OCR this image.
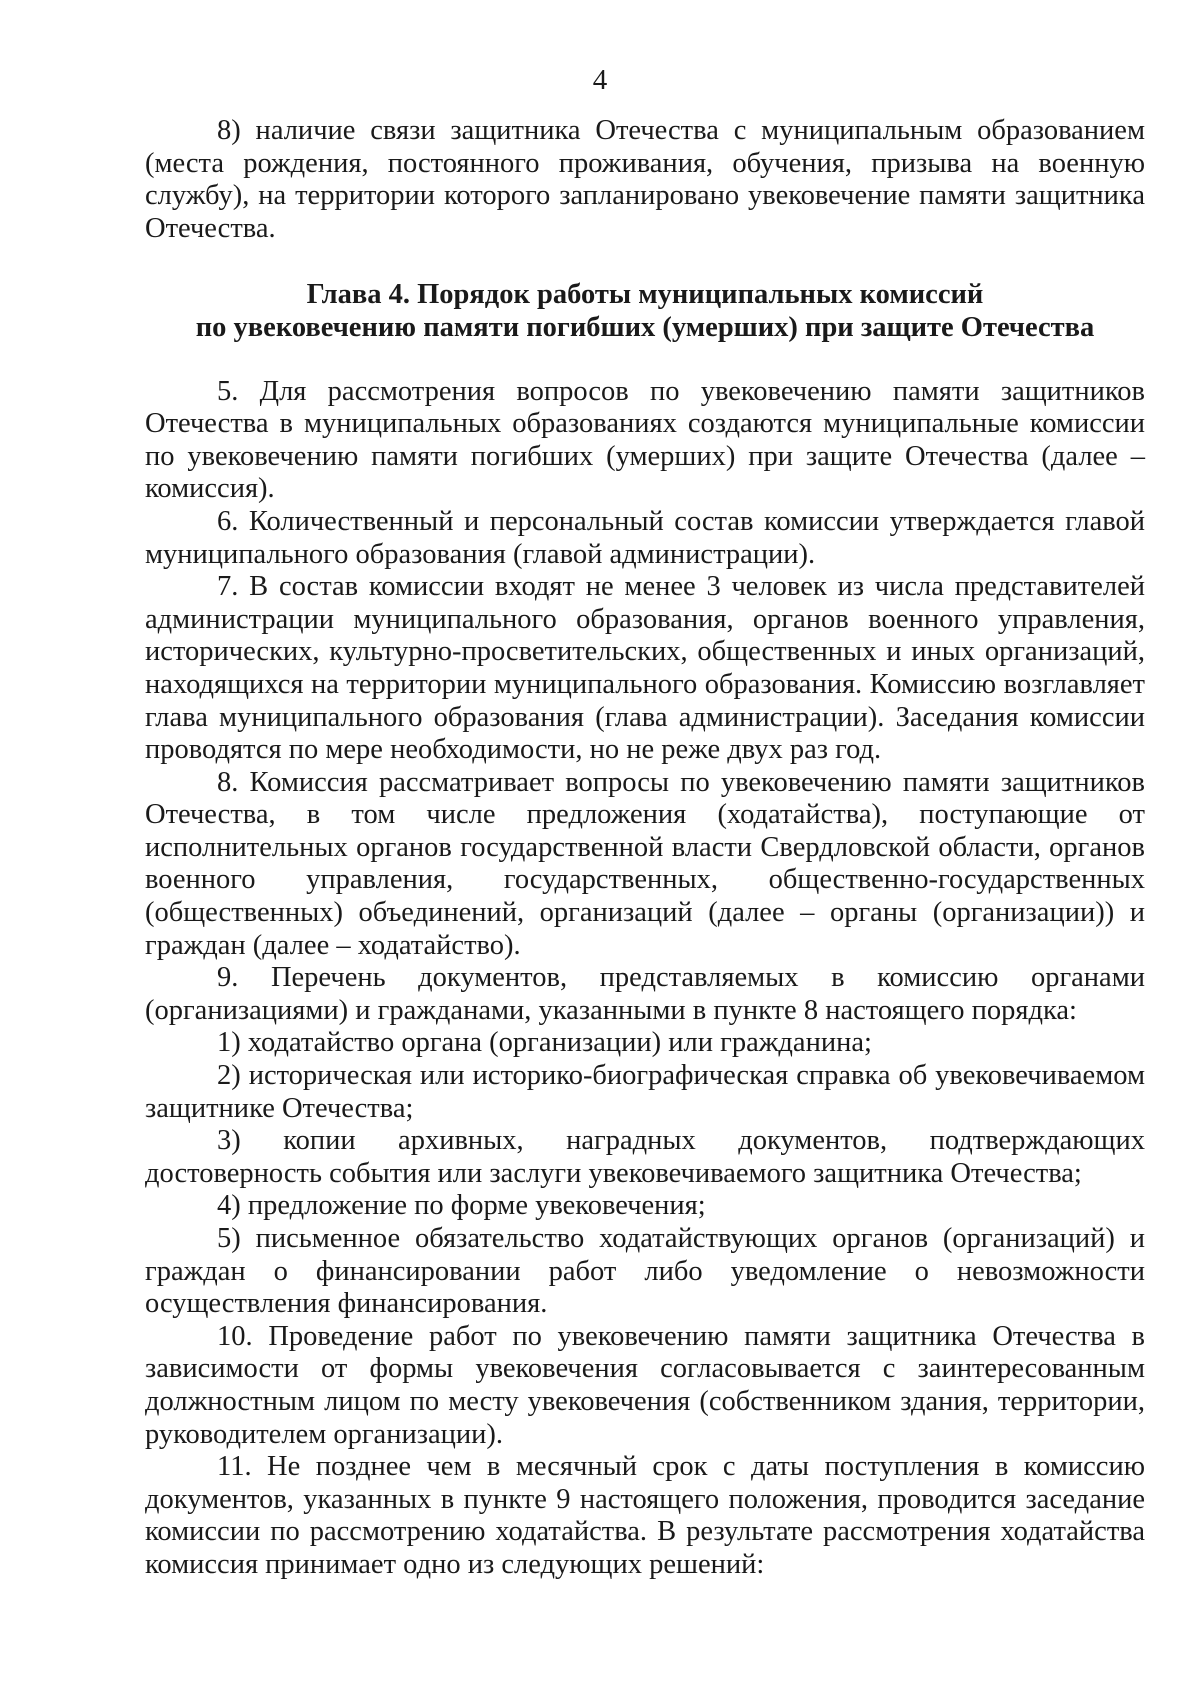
4

8) наличие связи защитника Отечества с муниципальным образованием (места рождения, постоянного проживания, обучения, призыва на военную службу), на территории которого запланировано увековечение памяти защитника Отечества.

Глава 4. Порядок работы муниципальных комиссий
по увековечению памяти погибших (умерших) при защите Отечества

5. Для рассмотрения вопросов по увековечению памяти защитников Отечества в муниципальных образованиях создаются муниципальные комиссии по увековечению памяти погибших (умерших) при защите Отечества (далее – комиссия).

6. Количественный и персональный состав комиссии утверждается главой муниципального образования (главой администрации).

7. В состав комиссии входят не менее 3 человек из числа представителей администрации муниципального образования, органов военного управления, исторических, культурно-просветительских, общественных и иных организаций, находящихся на территории муниципального образования. Комиссию возглавляет глава муниципального образования (глава администрации). Заседания комиссии проводятся по мере необходимости, но не реже двух раз год.

8. Комиссия рассматривает вопросы по увековечению памяти защитников Отечества, в том числе предложения (ходатайства), поступающие от исполнительных органов государственной власти Свердловской области, органов военного управления, государственных, общественно-государственных (общественных) объединений, организаций (далее – органы (организации)) и граждан (далее – ходатайство).

9. Перечень документов, представляемых в комиссию органами (организациями) и гражданами, указанными в пункте 8 настоящего порядка:

1) ходатайство органа (организации) или гражданина;

2) историческая или историко-биографическая справка об увековечиваемом защитнике Отечества;

3) копии архивных, наградных документов, подтверждающих достоверность события или заслуги увековечиваемого защитника Отечества;

4) предложение по форме увековечения;

5) письменное обязательство ходатайствующих органов (организаций) и граждан о финансировании работ либо уведомление о невозможности осуществления финансирования.

10. Проведение работ по увековечению памяти защитника Отечества в зависимости от формы увековечения согласовывается с заинтересованным должностным лицом по месту увековечения (собственником здания, территории, руководителем организации).

11. Не позднее чем в месячный срок с даты поступления в комиссию документов, указанных в пункте 9 настоящего положения, проводится заседание комиссии по рассмотрению ходатайства. В результате рассмотрения ходатайства комиссия принимает одно из следующих решений:
